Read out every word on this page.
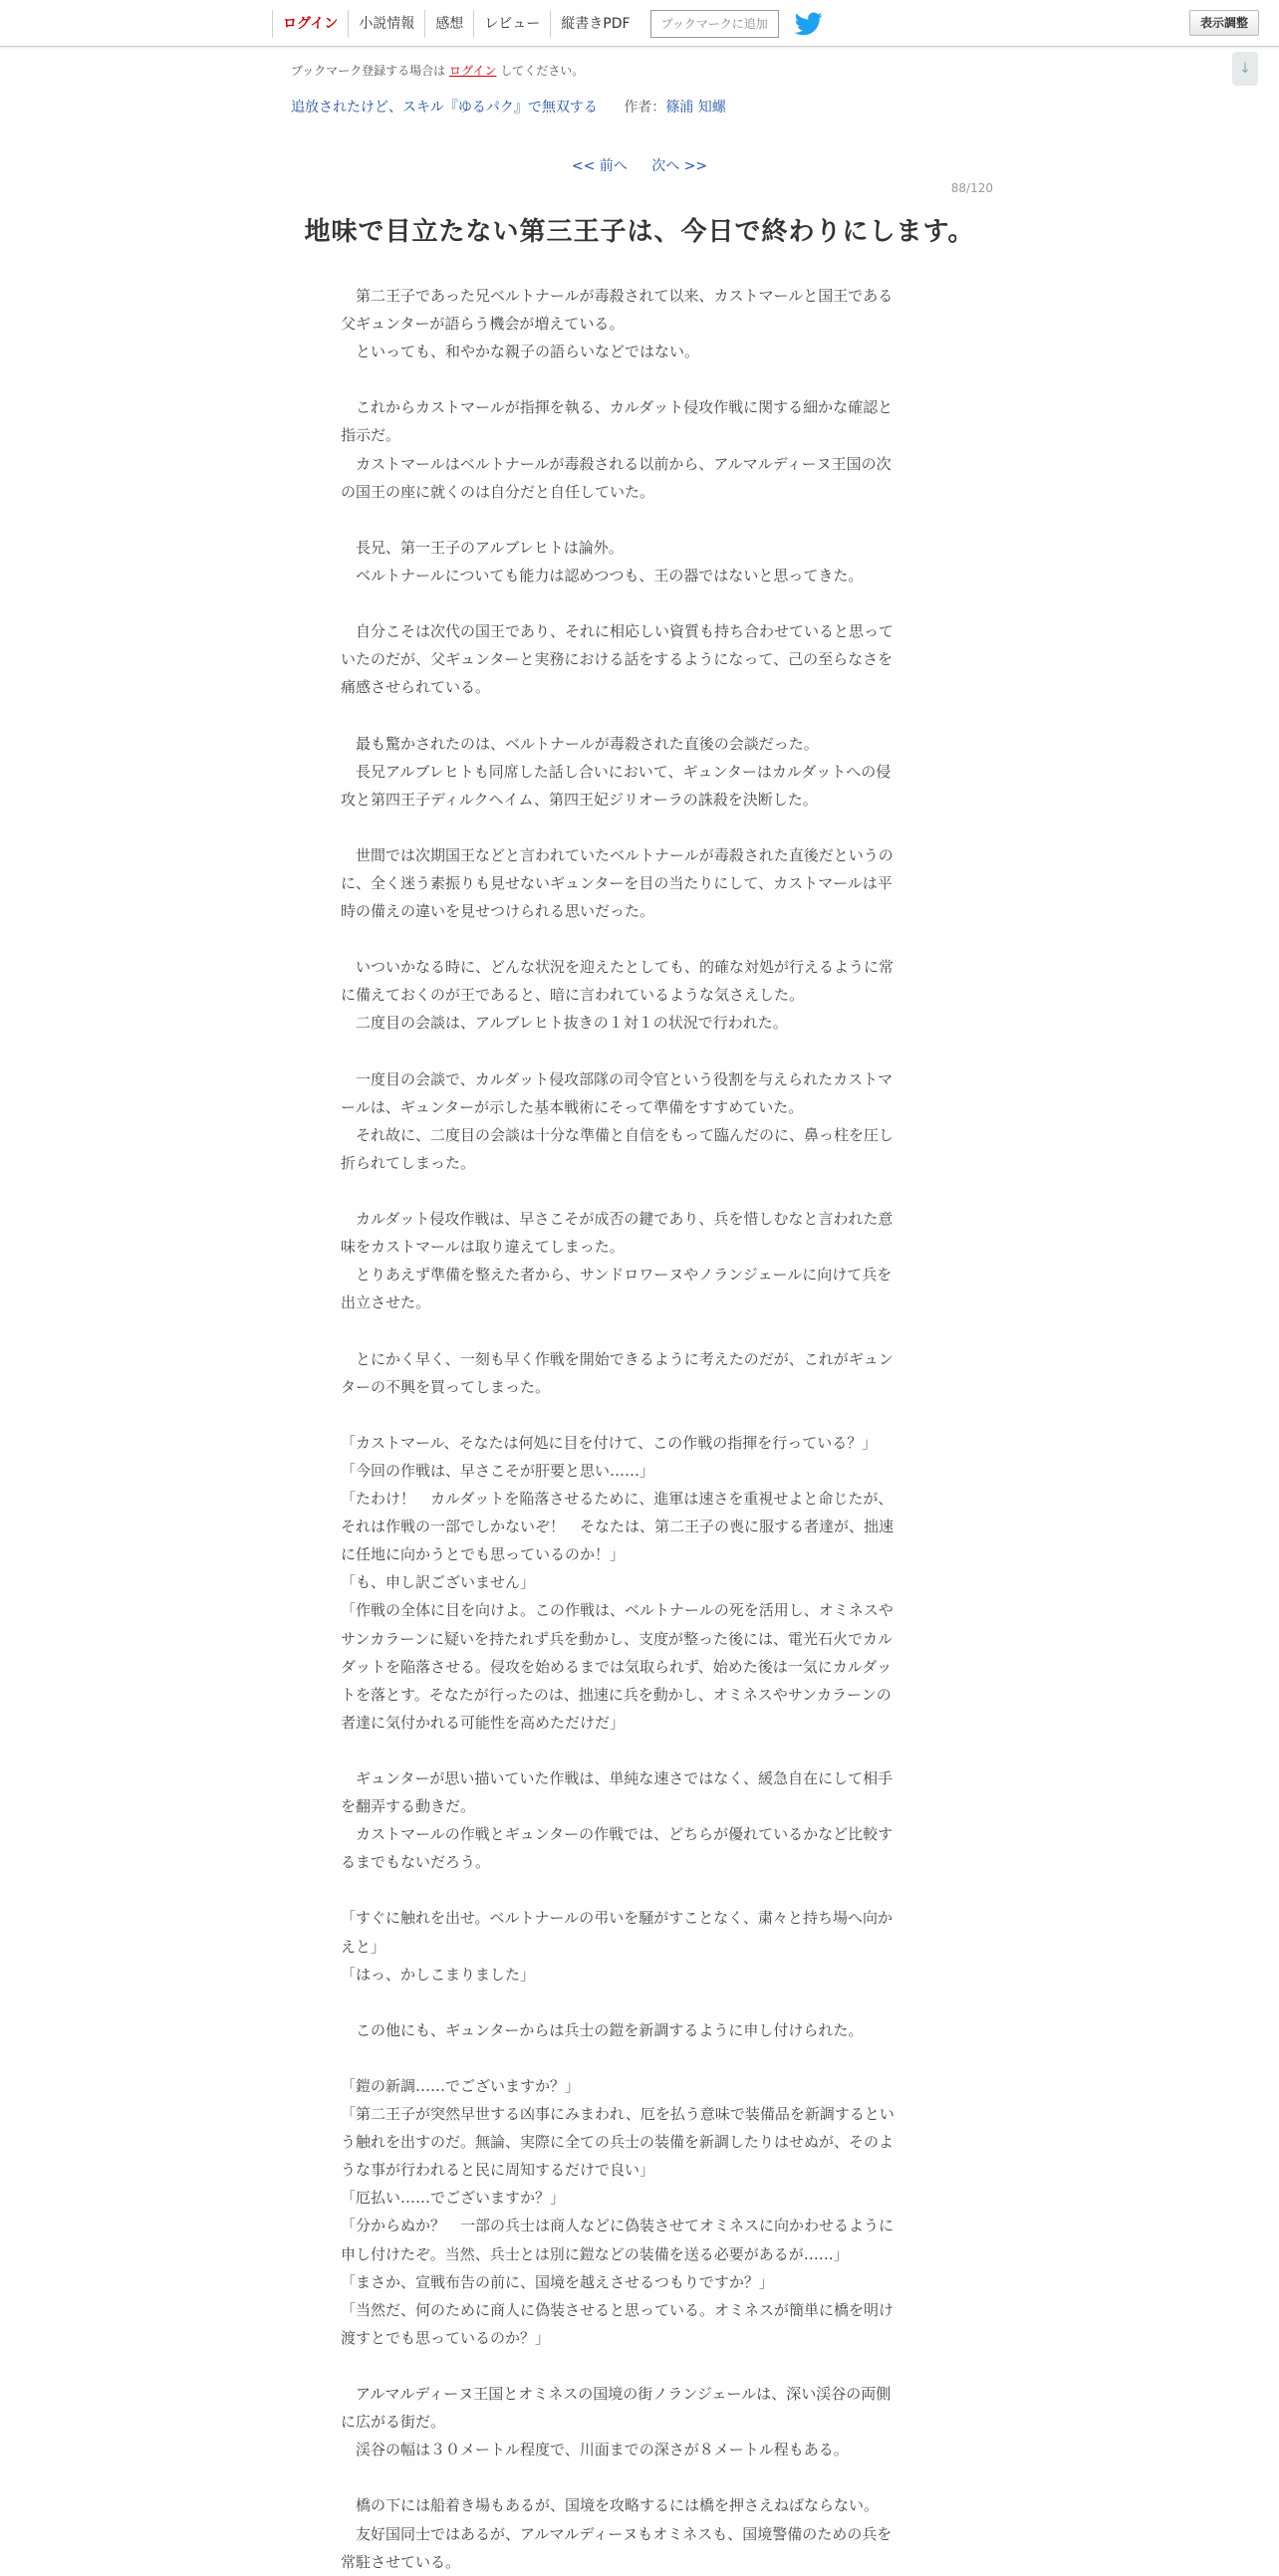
ログイン	小説情報	感想	レビュー	縦書きPDF	ブックマークに追加	表示調整
ブックマーク登録する場合は ログイン してください。	↓
追放されたけど、スキル『ゆるパク』で無双する 作者：篠浦 知螺
<< 前へ 次へ >>
88/120
地味で目立たない第三王子は、今日で終わりにします。

　第二王子であった兄ベルトナールが毒殺されて以来、カストマールと国王である

父ギュンターが語らう機会が増えている。

　といっても、和やかな親子の語らいなどではない。

　これからカストマールが指揮を執る、カルダット侵攻作戦に関する細かな確認と

指示だ。

　カストマールはベルトナールが毒殺される以前から、アルマルディーヌ王国の次

の国王の座に就くのは自分だと自任していた。

　長兄、第一王子のアルブレヒトは論外。

　ベルトナールについても能力は認めつつも、王の器ではないと思ってきた。

　自分こそは次代の国王であり、それに相応しい資質も持ち合わせていると思って

いたのだが、父ギュンターと実務における話をするようになって、己の至らなさを

痛感させられている。

　最も驚かされたのは、ベルトナールが毒殺された直後の会談だった。

　長兄アルブレヒトも同席した話し合いにおいて、ギュンターはカルダットへの侵

攻と第四王子ディルクヘイム、第四王妃ジリオーラの誅殺を決断した。

　世間では次期国王などと言われていたベルトナールが毒殺された直後だというの

に、全く迷う素振りも見せないギュンターを目の当たりにして、カストマールは平

時の備えの違いを見せつけられる思いだった。

　いついかなる時に、どんな状況を迎えたとしても、的確な対処が行えるように常

に備えておくのが王であると、暗に言われているような気さえした。

　二度目の会談は、アルブレヒト抜きの１対１の状況で行われた。

　一度目の会談で、カルダット侵攻部隊の司令官という役割を与えられたカストマ

ールは、ギュンターが示した基本戦術にそって準備をすすめていた。

　それ故に、二度目の会談は十分な準備と自信をもって臨んだのに、鼻っ柱を圧し

折られてしまった。

　カルダット侵攻作戦は、早さこそが成否の鍵であり、兵を惜しむなと言われた意

味をカストマールは取り違えてしまった。

　とりあえず準備を整えた者から、サンドロワーヌやノランジェールに向けて兵を

出立させた。

　とにかく早く、一刻も早く作戦を開始できるように考えたのだが、これがギュン

ターの不興を買ってしまった。

「カストマール、そなたは何処に目を付けて、この作戦の指揮を行っている？」

「今回の作戦は、早さこそが肝要と思い……」

「たわけ！　カルダットを陥落させるために、進軍は速さを重視せよと命じたが、

それは作戦の一部でしかないぞ！　そなたは、第二王子の喪に服する者達が、拙速

に任地に向かうとでも思っているのか！」

「も、申し訳ございません」

「作戦の全体に目を向けよ。この作戦は、ベルトナールの死を活用し、オミネスや

サンカラーンに疑いを持たれず兵を動かし、支度が整った後には、電光石火でカル

ダットを陥落させる。侵攻を始めるまでは気取られず、始めた後は一気にカルダッ

トを落とす。そなたが行ったのは、拙速に兵を動かし、オミネスやサンカラーンの

者達に気付かれる可能性を高めただけだ」

　ギュンターが思い描いていた作戦は、単純な速さではなく、緩急自在にして相手

を翻弄する動きだ。

　カストマールの作戦とギュンターの作戦では、どちらが優れているかなど比較す

るまでもないだろう。

「すぐに触れを出せ。ベルトナールの弔いを騒がすことなく、粛々と持ち場へ向か

えと」

「はっ、かしこまりました」

　この他にも、ギュンターからは兵士の鎧を新調するように申し付けられた。

「鎧の新調……でございますか？」

「第二王子が突然早世する凶事にみまわれ、厄を払う意味で装備品を新調するとい

う触れを出すのだ。無論、実際に全ての兵士の装備を新調したりはせぬが、そのよ

うな事が行われると民に周知するだけで良い」

「厄払い……でございますか？」

「分からぬか？　一部の兵士は商人などに偽装させてオミネスに向かわせるように

申し付けたぞ。当然、兵士とは別に鎧などの装備を送る必要があるが……」

「まさか、宣戦布告の前に、国境を越えさせるつもりですか？」

「当然だ、何のために商人に偽装させると思っている。オミネスが簡単に橋を明け

渡すとでも思っているのか？」

　アルマルディーヌ王国とオミネスの国境の街ノランジェールは、深い渓谷の両側

に広がる街だ。

　渓谷の幅は３０メートル程度で、川面までの深さが８メートル程もある。

　橋の下には船着き場もあるが、国境を攻略するには橋を押さえねばならない。

　友好国同士ではあるが、アルマルディーヌもオミネスも、国境警備のための兵を

常駐させている。
